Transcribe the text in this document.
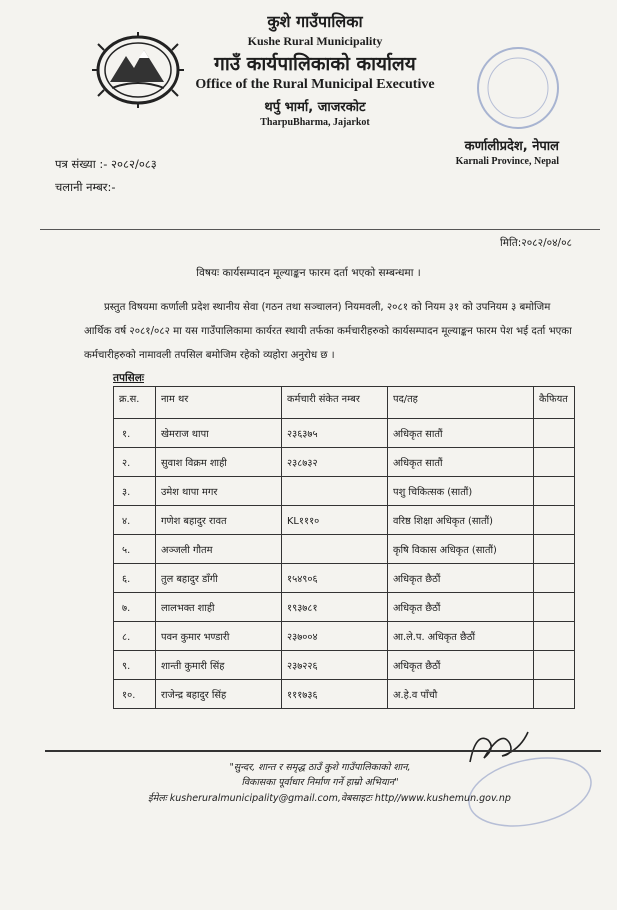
कुशे गाउँपालिका
Kushe Rural Municipality
गाउँ कार्यपालिकाको कार्यालय
Office of the Rural Municipal Executive
थर्पु भार्मा, जाजरकोट
TharpuBharma, Jajarkot
कर्णालीप्रदेश, नेपाल
Karnali Province, Nepal
पत्र संख्या :- २०८२/०८३
चलानी नम्बर:-
मिति:२०८२/०४/०८
विषयः कार्यसम्पादन मूल्याङ्कन फारम दर्ता भएको सम्बन्धमा ।
प्रस्तुत विषयमा कर्णाली प्रदेश स्थानीय सेवा (गठन तथा सञ्चालन) नियमवली, २०८१ को नियम ३१ को उपनियम ३ बमोजिम आर्थिक वर्ष २०८१/०८२ मा यस गाउँपालिकामा कार्यरत स्थायी तर्फका कर्मचारीहरुको कार्यसम्पादन मूल्याङ्कन फारम पेश भई दर्ता भएका कर्मचारीहरुको नामावली तपसिल बमोजिम रहेको व्यहोरा अनुरोध छ ।
तपसिलः
क्र.स.	नाम थर	कर्मचारी संकेत नम्बर	पद/तह	कैफियत
१.	खेमराज थापा	२३६३७५	अधिकृत सातौं	
२.	सुवाश विक्रम शाही	२३८७३२	अधिकृत सातौं	
३.	उमेश थापा मगर		पशु चिकित्सक (सातौं)	
४.	गणेश बहादुर रावत	KL१११०	वरिष्ठ शिक्षा अधिकृत (सातौं)	
५.	अञ्जली गौतम		कृषि विकास अधिकृत (सातौं)	
६.	तुल बहादुर डाँगी	१५४९०६	अधिकृत छैठौं	
७.	लालभक्त शाही	१९३७८१	अधिकृत छैठौं	
८.	पवन कुमार भण्डारी	२३७००४	आ.ले.प. अधिकृत छैठौं	
९.	शान्ती कुमारी सिंह	२३७२२६	अधिकृत छैठौं	
१०.	राजेन्द्र बहादुर सिंह	१११७३६	अ.हे.व पाँचौ	
"सुन्दर, शान्त र समृद्ध ठाउँ कुशे गाउँपालिकाको शान,
विकासका पूर्वाधार निर्माण गर्ने हाम्रो अभियान"
ईमेलः kusheruralmunicipality@gmail.com,वेबसाइटः http//www.kushemun.gov.np
